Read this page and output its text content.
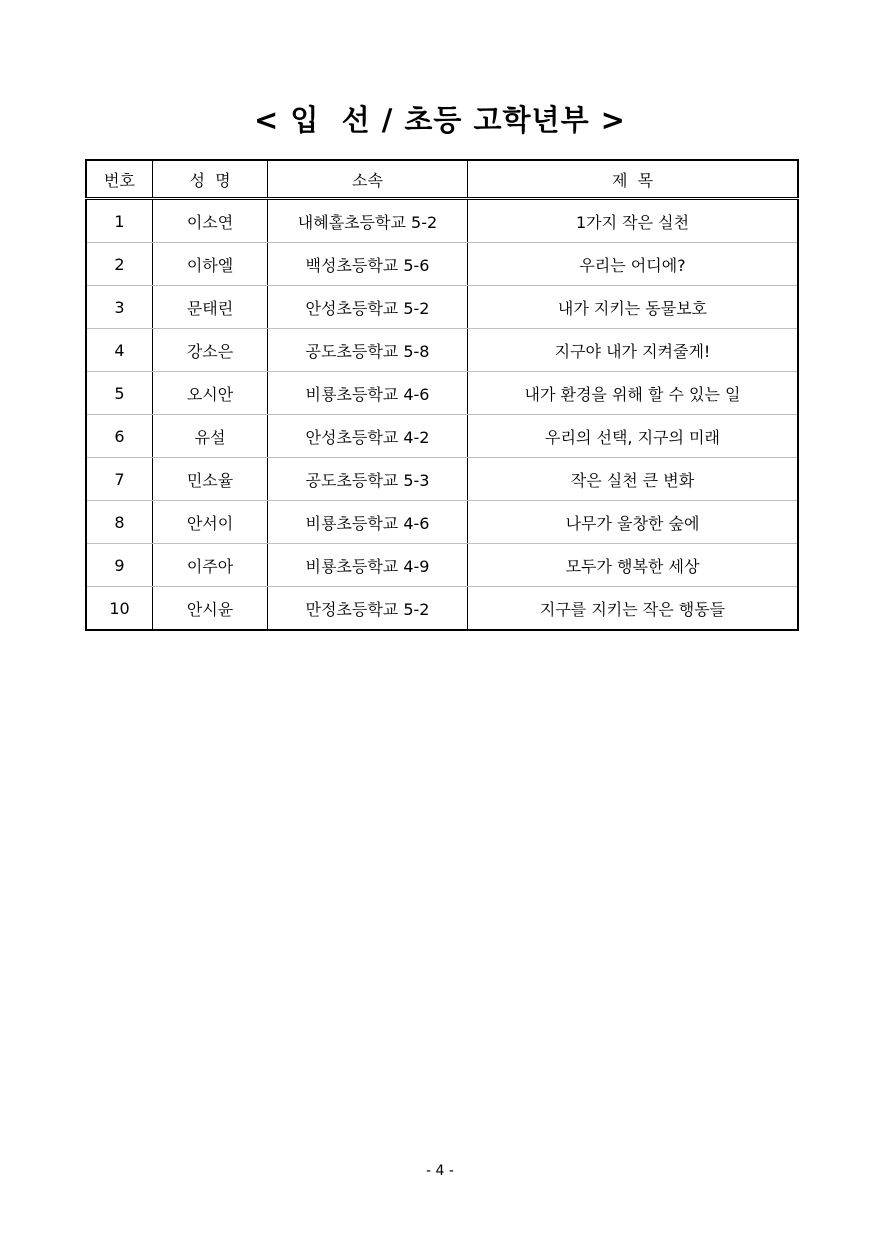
< 입  선 / 초등 고학년부 >
번호	성  명	소속	제  목
1	이소연	내혜홀초등학교 5-2	1가지 작은 실천
2	이하엘	백성초등학교 5-6	우리는 어디에?
3	문태린	안성초등학교 5-2	내가 지키는 동물보호
4	강소은	공도초등학교 5-8	지구야 내가 지켜줄게!
5	오시안	비룡초등학교 4-6	내가 환경을 위해 할 수 있는 일
6	유설	안성초등학교 4-2	우리의 선택, 지구의 미래
7	민소율	공도초등학교 5-3	작은 실천 큰 변화
8	안서이	비룡초등학교 4-6	나무가 울창한 숲에
9	이주아	비룡초등학교 4-9	모두가 행복한 세상
10	안시윤	만정초등학교 5-2	지구를 지키는 작은 행동들
- 4 -
